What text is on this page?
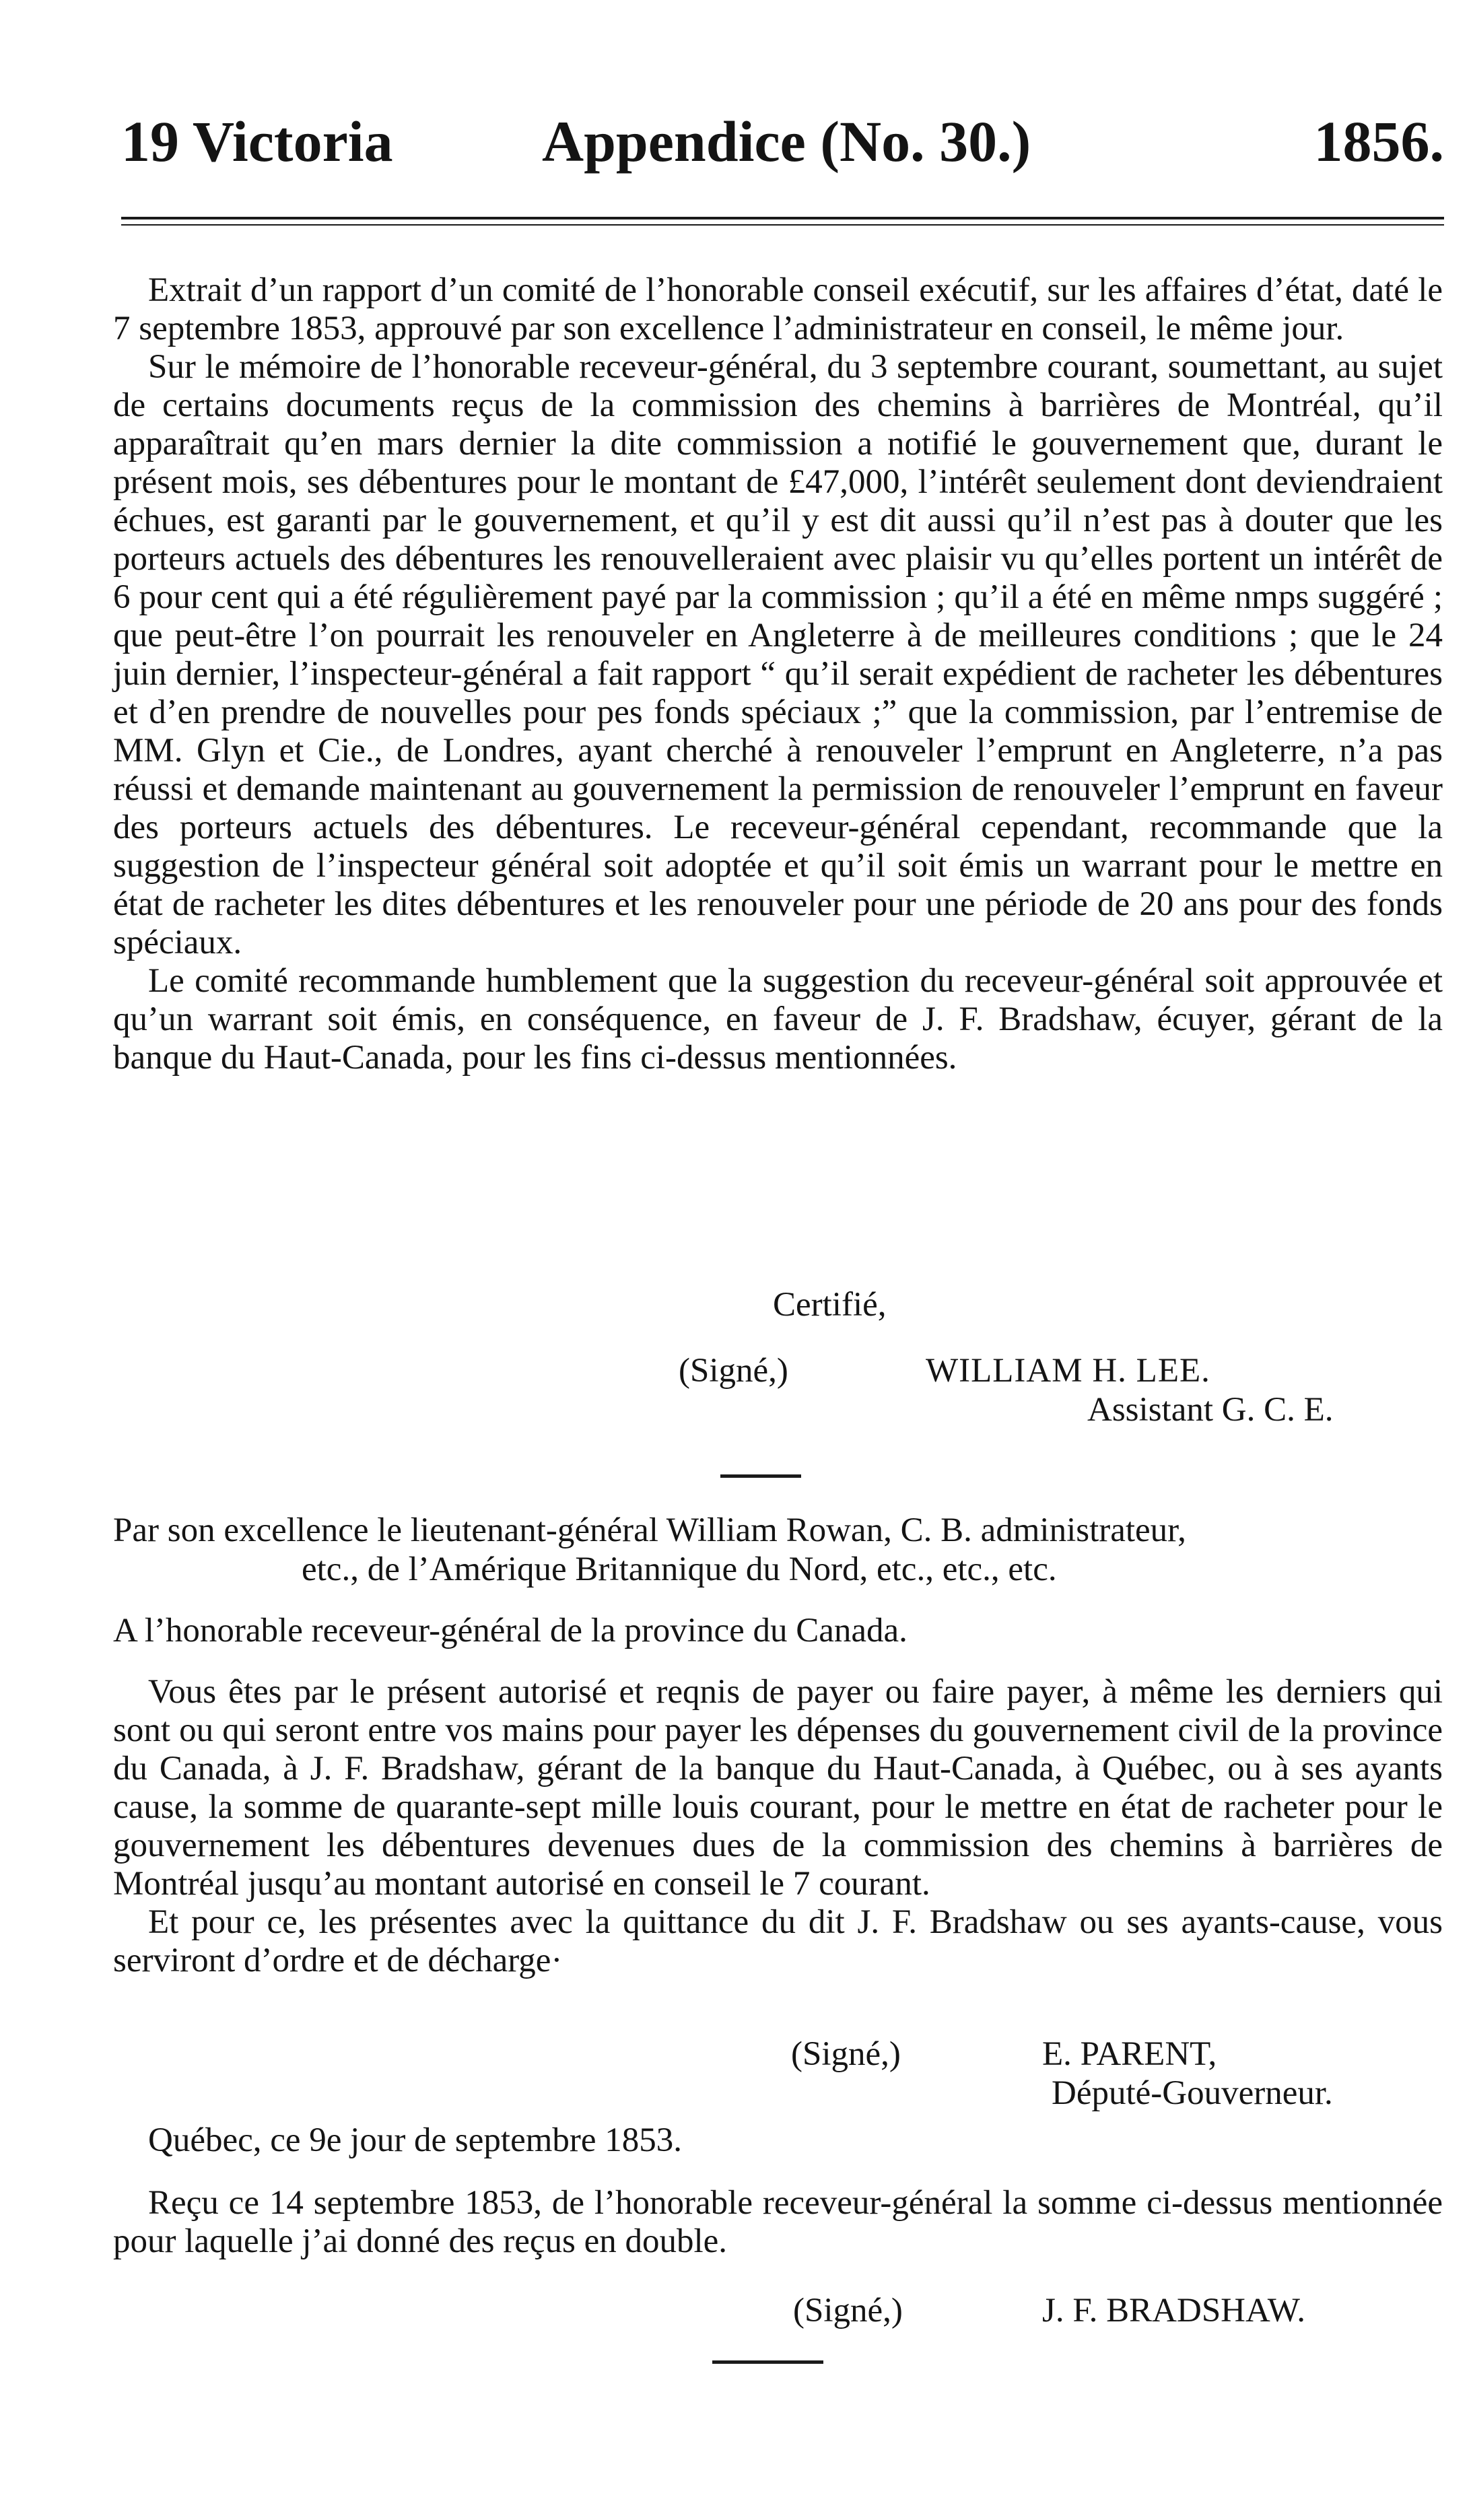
19 Victoria	Appendice (No. 30.)	1856.

Extrait d’un rapport d’un comité de l’honorable conseil exécutif, sur les affaires d’état, daté le 7 septembre 1853, approuvé par son excellence l’administrateur en conseil, le même jour.

Sur le mémoire de l’honorable receveur-général, du 3 septembre courant, soumettant, au sujet de certains documents reçus de la commission des chemins à barrières de Montréal, qu’il apparaîtrait qu’en mars dernier la dite commission a notifié le gouvernement que, durant le présent mois, ses débentures pour le montant de £47,000, l’intérêt seulement dont deviendraient échues, est garanti par le gouvernement, et qu’il y est dit aussi qu’il n’est pas à douter que les porteurs actuels des débentures les renouvelleraient avec plaisir vu qu’elles portent un intérêt de 6 pour cent qui a été régulièrement payé par la commission ; qu’il a été en même nmps suggéré ; que peut-être l’on pourrait les renouveler en Angleterre à de meilleures conditions ; que le 24 juin dernier, l’inspecteur-général a fait rapport “ qu’il serait expédient de racheter les débentures et d’en prendre de nouvelles pour pes fonds spéciaux ;” que la commission, par l’entremise de MM. Glyn et Cie., de Londres, ayant cherché à renouveler l’emprunt en Angleterre, n’a pas réussi et demande maintenant au gouvernement la permission de renouveler l’emprunt en faveur des porteurs actuels des débentures. Le receveur-général cependant, recommande que la suggestion de l’inspecteur général soit adoptée et qu’il soit émis un warrant pour le mettre en état de racheter les dites débentures et les renouveler pour une période de 20 ans pour des fonds spéciaux.

Le comité recommande humblement que la suggestion du receveur-général soit approuvée et qu’un warrant soit émis, en conséquence, en faveur de J. F. Bradshaw, écuyer, gérant de la banque du Haut-Canada, pour les fins ci-dessus mentionnées.

Certifié,
(Signé,)	WILLIAM H. LEE.
Assistant G. C. E.
Par son excellence le lieutenant-général William Rowan, C. B. administrateur,
etc., de l’Amérique Britannique du Nord, etc., etc., etc.
A l’honorable receveur-général de la province du Canada.

Vous êtes par le présent autorisé et reqnis de payer ou faire payer, à même les derniers qui sont ou qui seront entre vos mains pour payer les dépenses du gouvernement civil de la province du Canada, à J. F. Bradshaw, gérant de la banque du Haut-Canada, à Québec, ou à ses ayants cause, la somme de quarante-sept mille louis courant, pour le mettre en état de racheter pour le gouvernement les débentures devenues dues de la commission des chemins à barrières de Montréal jusqu’au montant autorisé en conseil le 7 courant.

Et pour ce, les présentes avec la quittance du dit J. F. Bradshaw ou ses ayants-cause, vous serviront d’ordre et de décharge·

(Signé,)	E. PARENT,
Député-Gouverneur.
Québec, ce 9e jour de septembre 1853.

Reçu ce 14 septembre 1853, de l’honorable receveur-général la somme ci-dessus mentionnée pour laquelle j’ai donné des reçus en double.

(Signé,)	J. F. BRADSHAW.
